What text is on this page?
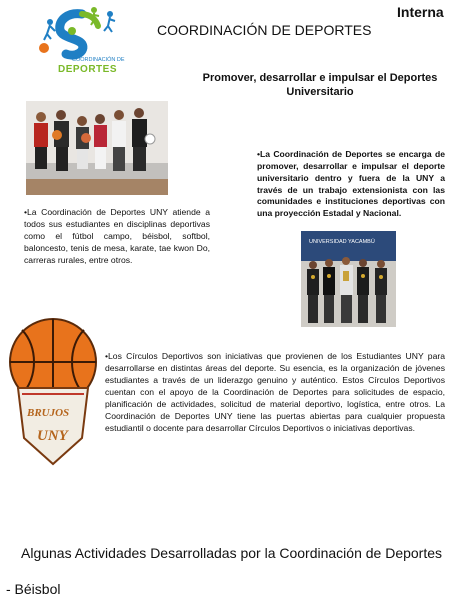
Interna
COORDINACIÓN DE
DEPORTES
COORDINACIÓN DE DEPORTES
Promover, desarrollar e impulsar el Deportes Universitario
•La Coordinación de Deportes se encarga de promover, desarrollar e impulsar el deporte universitario dentro y fuera de la UNY a través de un trabajo extensionista con las comunidades e instituciones deportivas con una proyección Estadal y Nacional.
•La Coordinación de Deportes UNY atiende a todos sus estudiantes en disciplinas deportivas como el fútbol campo, béisbol, softbol, baloncesto, tenis de mesa, karate, tae kwon Do, carreras rurales, entre otros.
UNIVERSIDAD YACAMBÚ
BRUJOS
UNY
•Los Círculos Deportivos son iniciativas que provienen de los Estudiantes UNY para desarrollarse en distintas áreas del deporte. Su esencia, es la organización de jóvenes estudiantes a través de un liderazgo genuino y auténtico. Estos Círculos Deportivos cuentan con el apoyo de la Coordinación de Deportes para solicitudes de espacio, planificación de actividades, solicitud de material deportivo, logística, entre otros. La Coordinación de Deportes UNY tiene las puertas abiertas para cualquier propuesta estudiantil o docente para desarrollar Círculos Deportivos o iniciativas deportivas.
Algunas Actividades Desarrolladas por la Coordinación de Deportes
- Béisbol
